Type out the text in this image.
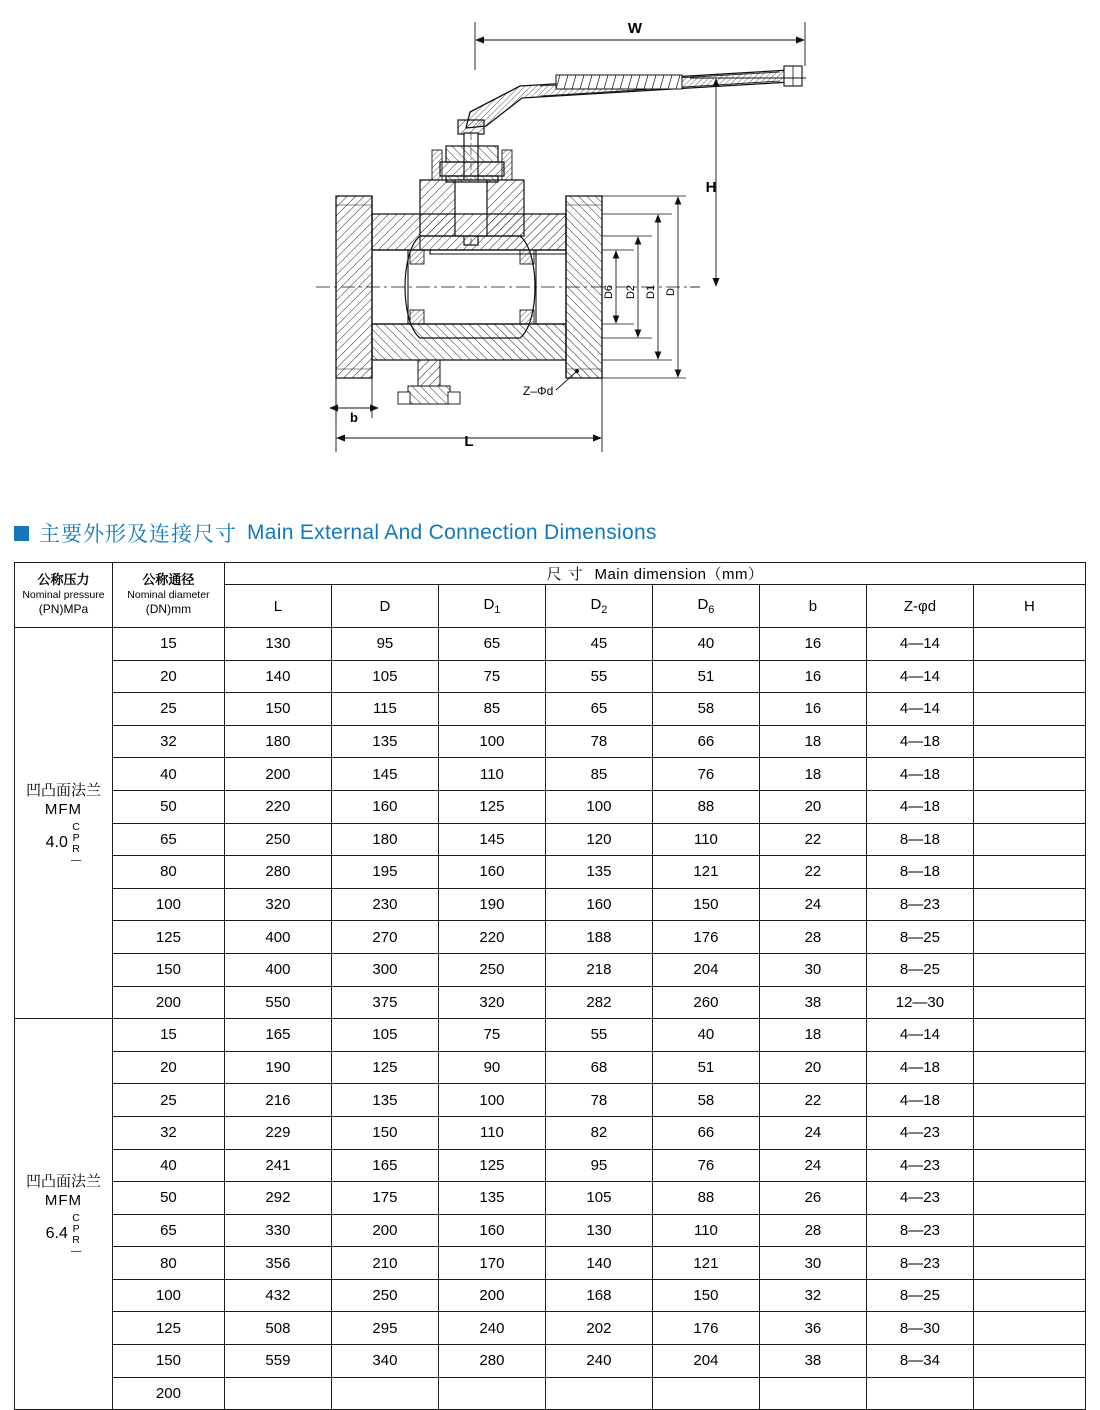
W
H
L
b
D6 D2 D1 D
Z–Φd
主要外形及连接尺寸 Main External And Connection Dimensions
公称压力
Nominal pressure
(PN)MPa	公称通径
Nominal diameter
(DN)mm	尺寸 Main dimension（mm）							
		L	D	$D_1$	$D_2$	$D_6$	b	Z-φd	H

凹凸面法兰
MFM
4.0
C
P
R
—
	15	130	95	65	45	40	16	4—14	
	20	140	105	75	55	51	16	4—14	
	25	150	115	85	65	58	16	4—14	
	32	180	135	100	78	66	18	4—18	
	40	200	145	110	85	76	18	4—18	
	50	220	160	125	100	88	20	4—18	
	65	250	180	145	120	110	22	8—18	
	80	280	195	160	135	121	22	8—18	
	100	320	230	190	160	150	24	8—23	
	125	400	270	220	188	176	28	8—25	
	150	400	300	250	218	204	30	8—25	
	200	550	375	320	282	260	38	12—30	

凹凸面法兰
MFM
6.4
C
P
R
—
	15	165	105	75	55	40	18	4—14	
	20	190	125	90	68	51	20	4—18	
	25	216	135	100	78	58	22	4—18	
	32	229	150	110	82	66	24	4—23	
	40	241	165	125	95	76	24	4—23	
	50	292	175	135	105	88	26	4—23	
	65	330	200	160	130	110	28	8—23	
	80	356	210	170	140	121	30	8—23	
	100	432	250	200	168	150	32	8—25	
	125	508	295	240	202	176	36	8—30	
	150	559	340	280	240	204	38	8—34	
	200								
